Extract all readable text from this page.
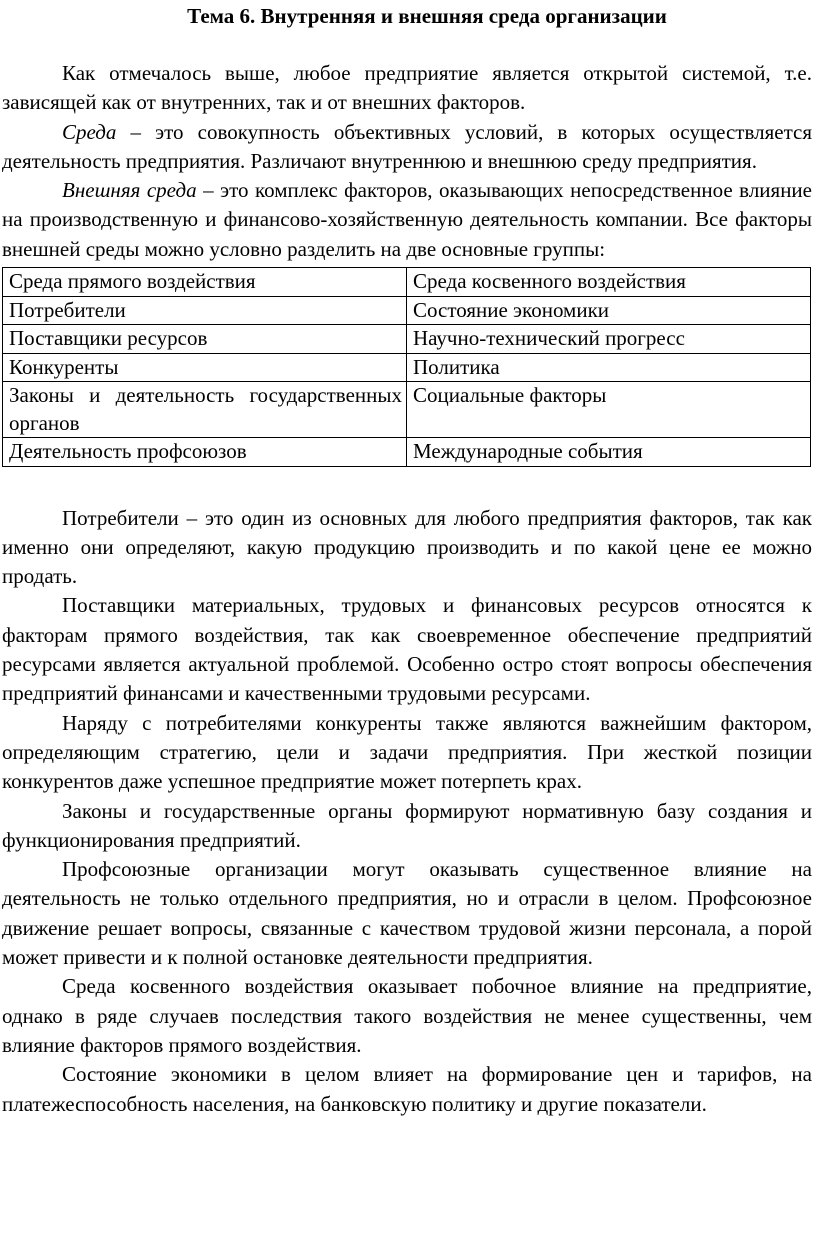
Тема 6. Внутренняя и внешняя среда организации

Как отмечалось выше, любое предприятие является открытой системой, т.е. зависящей как от внутренних, так и от внешних факторов.

Среда – это совокупность объективных условий, в которых осуществляется деятельность предприятия. Различают внутреннюю и внешнюю среду предприятия.

Внешняя среда – это комплекс факторов, оказывающих непосредственное влияние на производственную и финансово-хозяйственную деятельность компании. Все факторы внешней среды можно условно разделить на две основные группы:

Среда прямого воздействия	Среда косвенного воздействия
Потребители	Состояние экономики
Поставщики ресурсов	Научно-технический прогресс
Конкуренты	Политика
Законы и деятельность государственных органов	Социальные факторы
Деятельность профсоюзов	Международные события

Потребители – это один из основных для любого предприятия факторов, так как именно они определяют, какую продукцию производить и по какой цене ее можно продать.

Поставщики материальных, трудовых и финансовых ресурсов относятся к факторам прямого воздействия, так как своевременное обеспечение предприятий ресурсами является актуальной проблемой. Особенно остро стоят вопросы обеспечения предприятий финансами и качественными трудовыми ресурсами.

Наряду с потребителями конкуренты также являются важнейшим фактором, определяющим стратегию, цели и задачи предприятия. При жесткой позиции конкурентов даже успешное предприятие может потерпеть крах.

Законы и государственные органы формируют нормативную базу создания и функционирования предприятий.

Профсоюзные организации могут оказывать существенное влияние на деятельность не только отдельного предприятия, но и отрасли в целом. Профсоюзное движение решает вопросы, связанные с качеством трудовой жизни персонала, а порой может привести и к полной остановке деятельности предприятия.

Среда косвенного воздействия оказывает побочное влияние на предприятие, однако в ряде случаев последствия такого воздействия не менее существенны, чем влияние факторов прямого воздействия.

Состояние экономики в целом влияет на формирование цен и тарифов, на платежеспособность населения, на банковскую политику и другие показатели.
